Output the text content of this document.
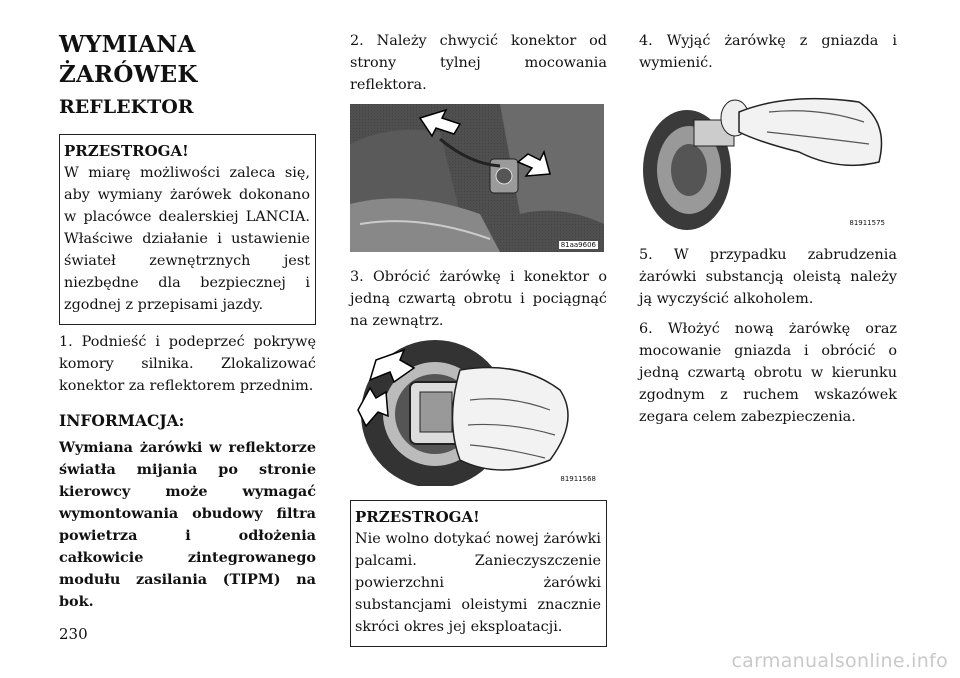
WYMIANA ŻARÓWEK
REFLEKTOR
PRZESTROGA!
W miarę możliwości zaleca się, aby wymiany żarówek dokonano w placówce dealerskiej LANCIA. Właściwe działanie i ustawienie świateł zewnętrznych jest niezbędne dla bezpiecznej i zgodnej z przepisami jazdy.

1. Podnieść i podeprzeć pokrywę komory silnika. Zlokalizować konektor za reflektorem przednim.

INFORMACJA:

Wymiana żarówki w reflektorze światła mijania po stronie kierowcy może wymagać wymontowania obudowy filtra powietrza i odłożenia całkowicie zintegrowanego modułu zasilania (TIPM) na bok.

2. Należy chwycić konektor od strony tylnej mocowania reflektora.

81aa9606

3. Obrócić żarówkę i konektor o jedną czwartą obrotu i pociągnąć na zewnątrz.

81911568
PRZESTROGA!
Nie wolno dotykać nowej żarówki palcami. Zanieczyszczenie powierzchni żarówki substancjami oleistymi znacznie skróci okres jej eksploatacji.

4. Wyjąć żarówkę z gniazda i wymienić.

81911575

5. W przypadku zabrudzenia żarówki substancją oleistą należy ją wyczyścić alkoholem.

6. Włożyć nową żarówkę oraz mocowanie gniazda i obrócić o jedną czwartą obrotu w kierunku zgodnym z ruchem wskazówek zegara celem zabezpieczenia.

230
carmanualsonline.info
